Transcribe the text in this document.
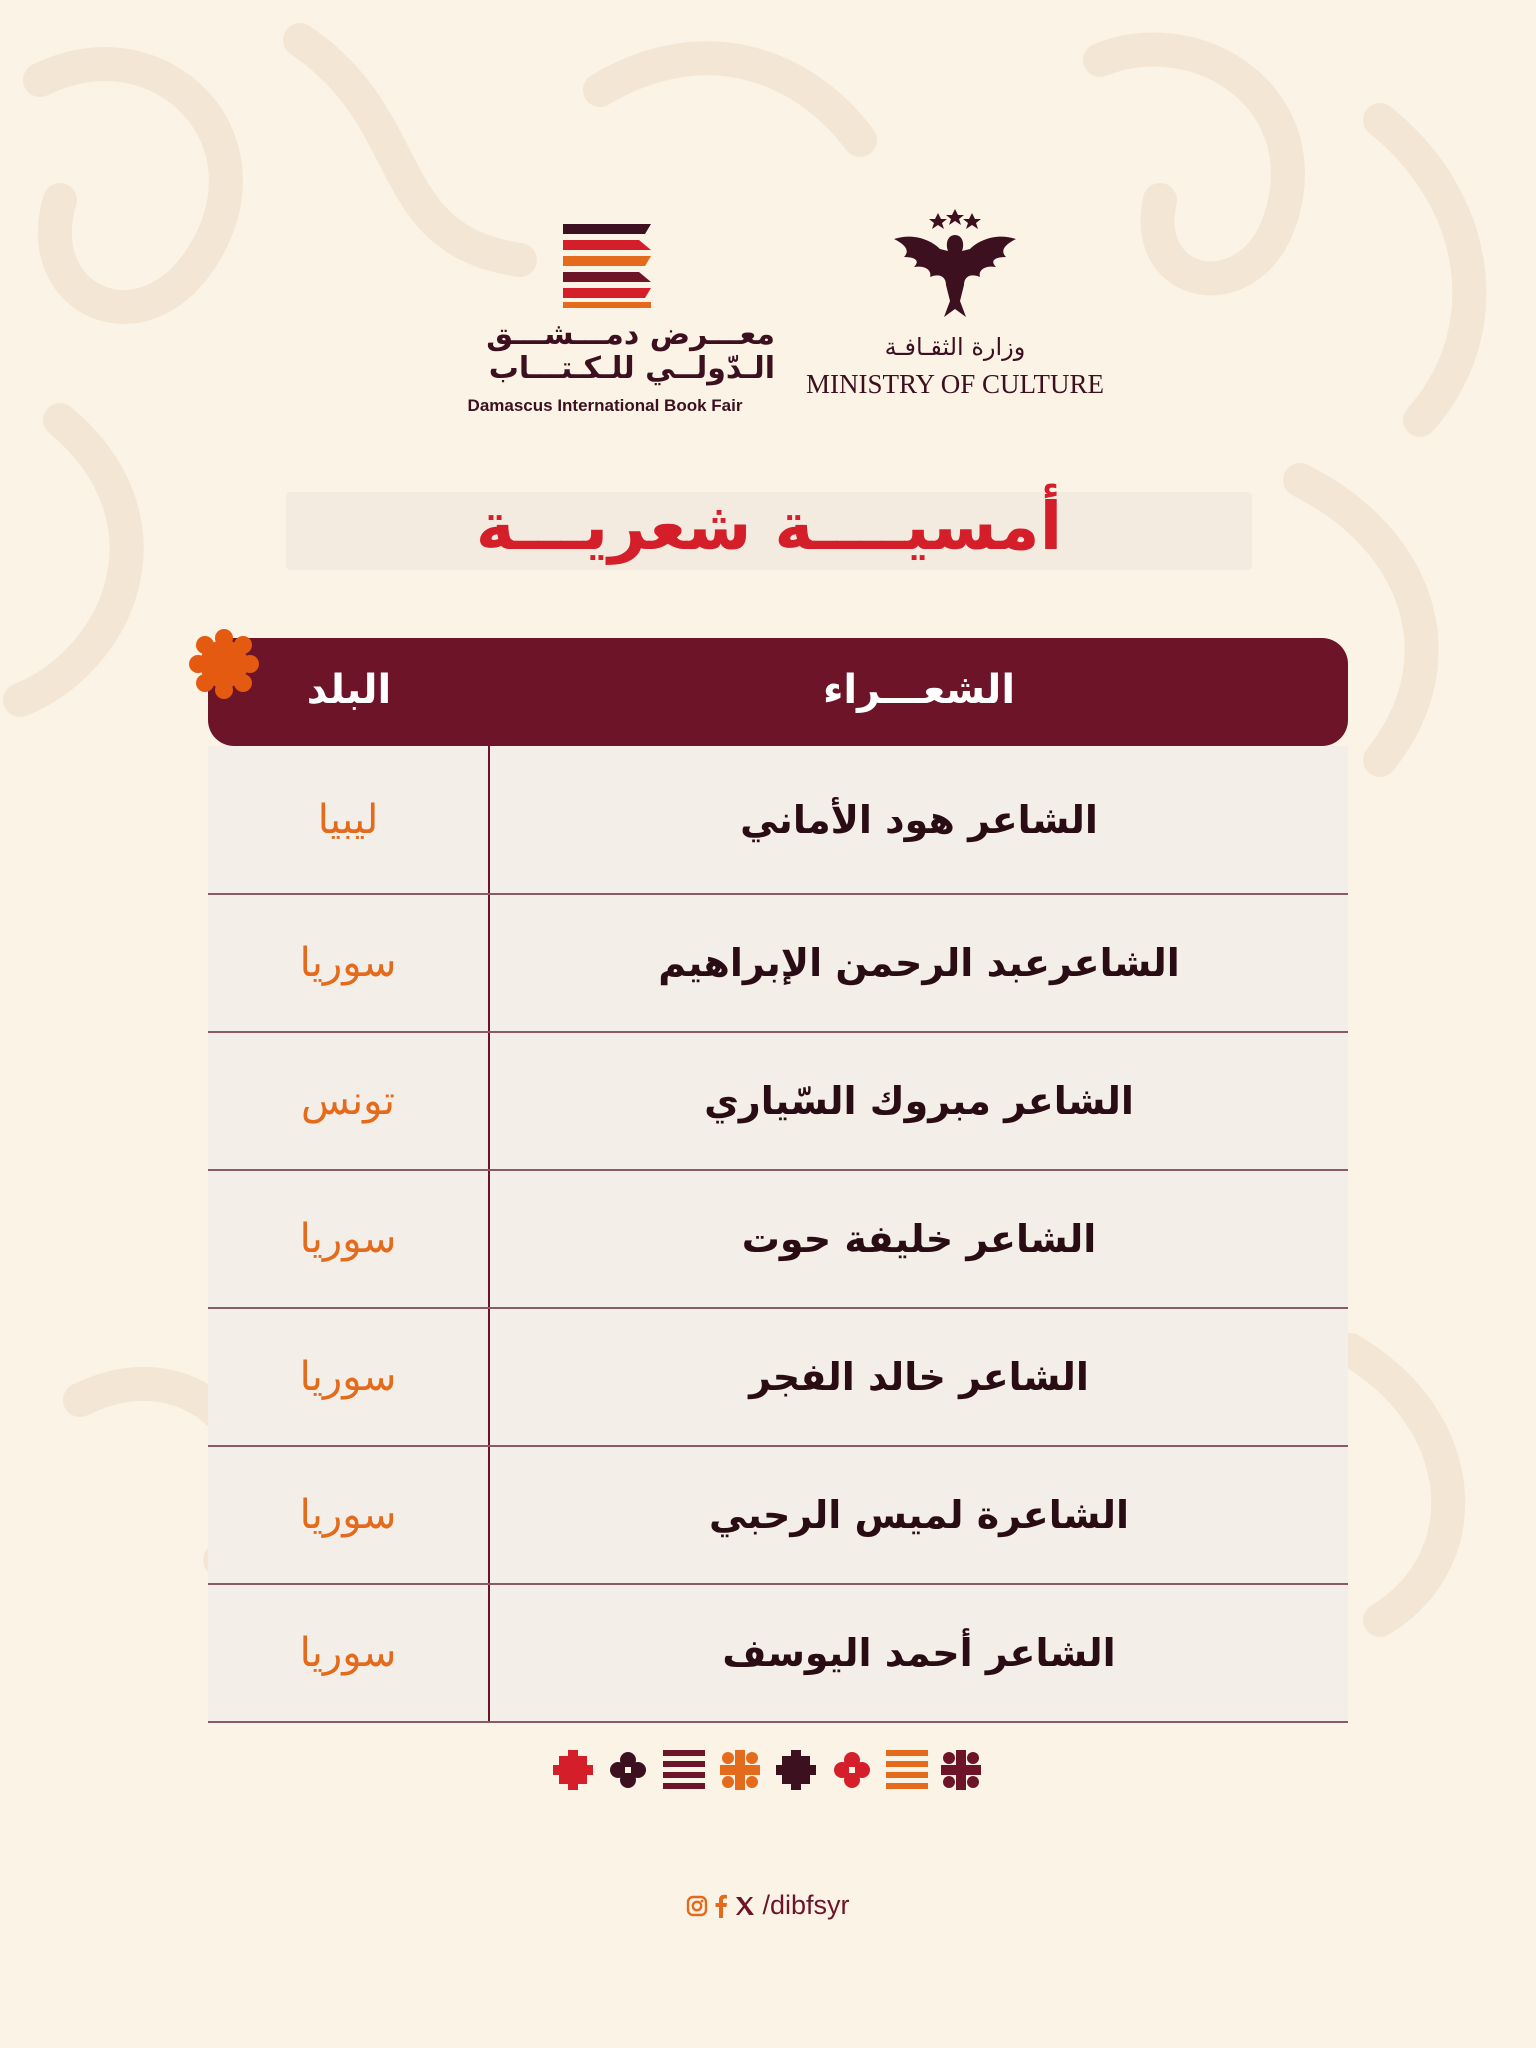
معـــرض دمـــشـــق
الـدّولــي للـكـتـــاب
Damascus International Book Fair
وزارة الثقـافـة
MINISTRY OF CULTURE
أمسيــــة شعريـــة
الشعـــراء
البلد
الشاعر هود الأماني
ليبيا
الشاعرعبد الرحمن الإبراهيم
سوريا
الشاعر مبروك السّياري
تونس
الشاعر خليفة حوت
سوريا
الشاعر خالد الفجر
سوريا
الشاعرة لميس الرحبي
سوريا
الشاعر أحمد اليوسف
سوريا
/dibfsyr
